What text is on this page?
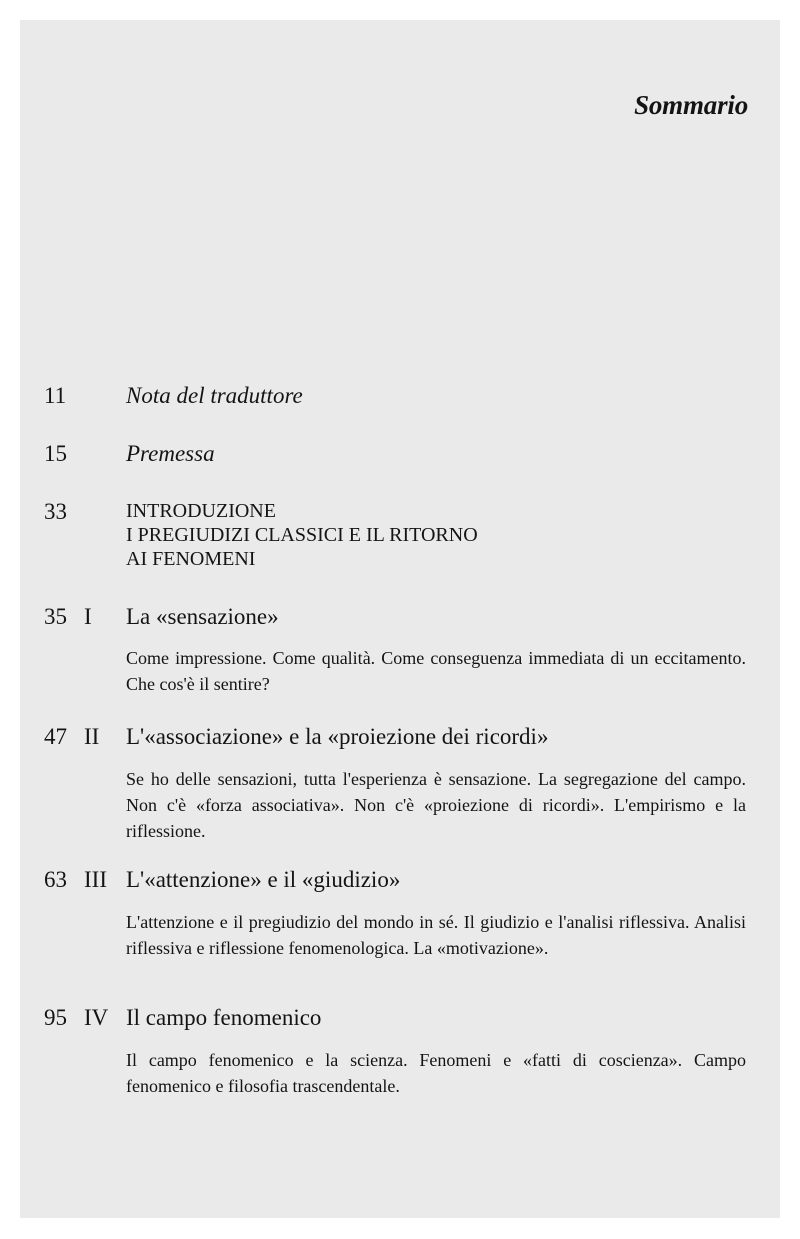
Sommario
11	Nota del traduttore
15	Premessa
33	INTRODUZIONE
I PREGIUDIZI CLASSICI E IL RITORNO
AI FENOMENI
35 I La «sensazione»
Come impressione. Come qualità. Come conseguenza immediata di un eccitamento. Che cos'è il sentire?
47 II L'«associazione» e la «proiezione dei ricordi»
Se ho delle sensazioni, tutta l'esperienza è sensazione. La segregazione del campo. Non c'è «forza associativa». Non c'è «proiezione di ricordi». L'empirismo e la riflessione.
63 III L'«attenzione» e il «giudizio»
L'attenzione e il pregiudizio del mondo in sé. Il giudizio e l'analisi riflessiva. Analisi riflessiva e riflessione fenomenologica. La «motivazione».
95 IV Il campo fenomenico
Il campo fenomenico e la scienza. Fenomeni e «fatti di coscienza». Campo fenomenico e filosofia trascendentale.
